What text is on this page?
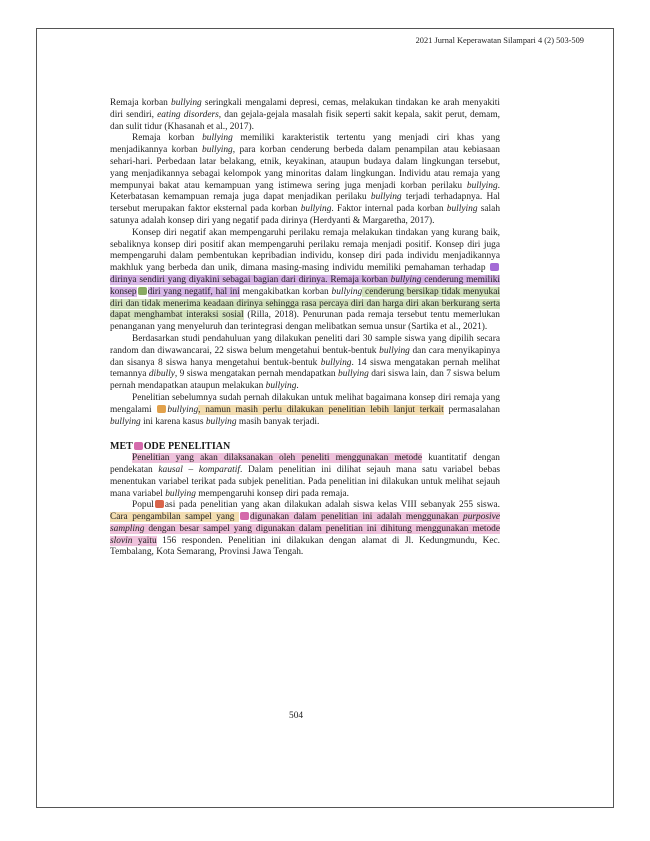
2021 Jurnal Keperawatan Silampari 4 (2) 503-509

Remaja korban bullying seringkali mengalami depresi, cemas, melakukan tindakan ke arah menyakiti diri sendiri, eating disorders, dan gejala-gejala masalah fisik seperti sakit kepala, sakit perut, demam, dan sulit tidur (Khasanah et al., 2017).

Remaja korban bullying memiliki karakteristik tertentu yang menjadi ciri khas yang menjadikannya korban bullying, para korban cenderung berbeda dalam penampilan atau kebiasaan sehari-hari. Perbedaan latar belakang, etnik, keyakinan, ataupun budaya dalam lingkungan tersebut, yang menjadikannya sebagai kelompok yang minoritas dalam lingkungan. Individu atau remaja yang mempunyai bakat atau kemampuan yang istimewa sering juga menjadi korban perilaku bullying. Keterbatasan kemampuan remaja juga dapat menjadikan perilaku bullying terjadi terhadapnya. Hal tersebut merupakan faktor eksternal pada korban bullying. Faktor internal pada korban bullying salah satunya adalah konsep diri yang negatif pada dirinya (Herdyanti & Margaretha, 2017).

Konsep diri negatif akan mempengaruhi perilaku remaja melakukan tindakan yang kurang baik, sebaliknya konsep diri positif akan mempengaruhi perilaku remaja menjadi positif. Konsep diri juga mempengaruhi dalam pembentukan kepribadian individu, konsep diri pada individu menjadikannya makhluk yang berbeda dan unik, dimana masing-masing individu memiliki pemahaman terhadap dirinya sendiri yang diyakini sebagai bagian dari dirinya. Remaja korban bullying cenderung memiliki konsep diri yang negatif, hal ini mengakibatkan korban bullying cenderung bersikap tidak menyukai diri dan tidak menerima keadaan dirinya sehingga rasa percaya diri dan harga diri akan berkurang serta dapat menghambat interaksi sosial (Rilla, 2018). Penurunan pada remaja tersebut tentu memerlukan penanganan yang menyeluruh dan terintegrasi dengan melibatkan semua unsur (Sartika et al., 2021).

Berdasarkan studi pendahuluan yang dilakukan peneliti dari 30 sample siswa yang dipilih secara random dan diwawancarai, 22 siswa belum mengetahui bentuk-bentuk bullying dan cara menyikapinya dan sisanya 8 siswa hanya mengetahui bentuk-bentuk bullying. 14 siswa mengatakan pernah melihat temannya dibully, 9 siswa mengatakan pernah mendapatkan bullying dari siswa lain, dan 7 siswa belum pernah mendapatkan ataupun melakukan bullying.

Penelitian sebelumnya sudah pernah dilakukan untuk melihat bagaimana konsep diri remaja yang mengalami bullying, namun masih perlu dilakukan penelitian lebih lanjut terkait permasalahan bullying ini karena kasus bullying masih banyak terjadi.

MET ODE PENELITIAN

Penelitian yang akan dilaksanakan oleh peneliti menggunakan metode kuantitatif dengan pendekatan kausal – komparatif. Dalam penelitian ini dilihat sejauh mana satu variabel bebas menentukan variabel terikat pada subjek penelitian. Pada penelitian ini dilakukan untuk melihat sejauh mana variabel bullying mempengaruhi konsep diri pada remaja.

Popul asi pada penelitian yang akan dilakukan adalah siswa kelas VIII sebanyak 255 siswa. Cara pengambilan sampel yang digunakan dalam penelitian ini adalah menggunakan purposive sampling dengan besar sampel yang digunakan dalam penelitian ini dihitung menggunakan metode slovin yaitu 156 responden. Penelitian ini dilakukan dengan alamat di Jl. Kedungmundu, Kec. Tembalang, Kota Semarang, Provinsi Jawa Tengah.

504
